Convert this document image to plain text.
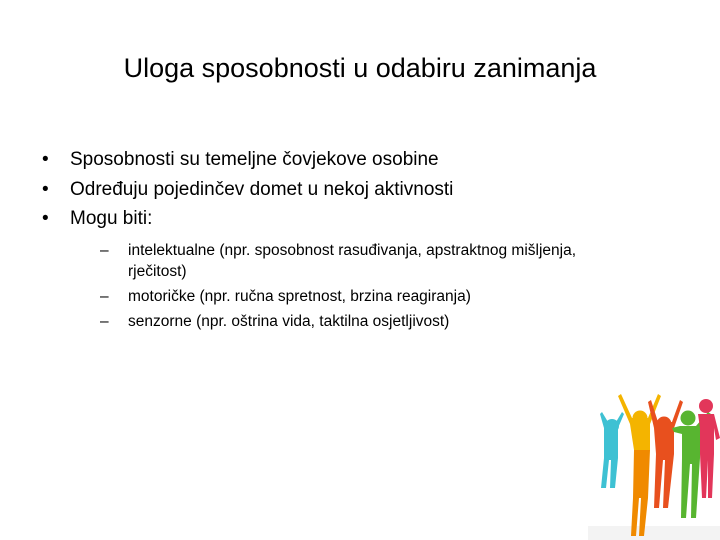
Uloga sposobnosti u odabiru zanimanja
• Sposobnosti su temeljne čovjekove osobine
• Određuju pojedinčev domet u nekoj aktivnosti
• Mogu biti:
– intelektualne (npr. sposobnost rasuđivanja, apstraktnog mišljenja, rječitost)
– motoričke (npr. ručna spretnost, brzina reagiranja)
– senzorne (npr. oštrina vida, taktilna osjetljivost)
